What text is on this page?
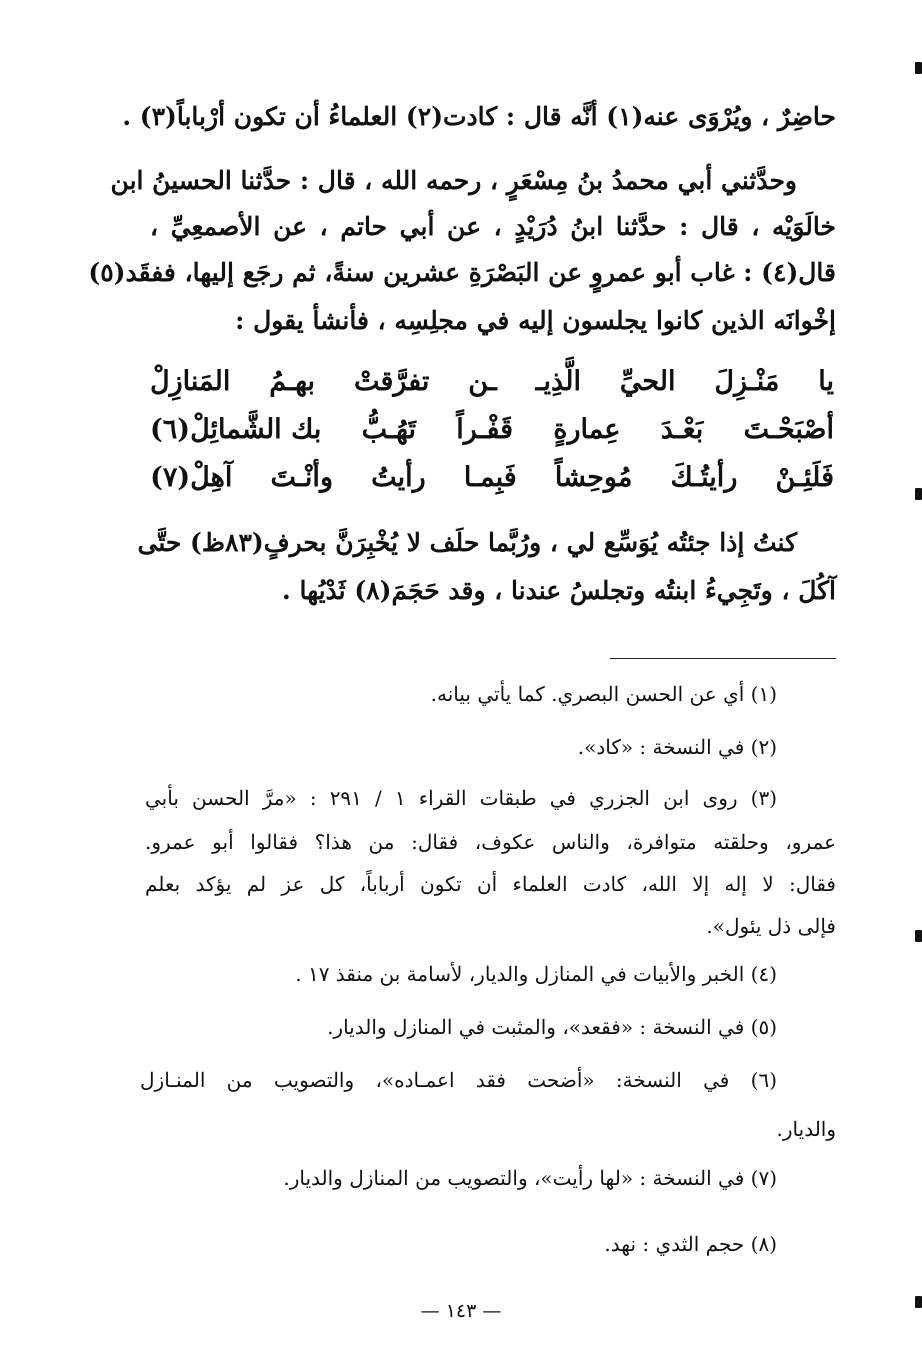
حاضِرٌ ، ويُرْوَى عنه(١) أنَّه قال : كادت(٢) العلماءُ أن تكون أرْباباً(٣) .
وحدَّثني أبي محمدُ بنُ مِسْعَرٍ ، رحمه الله ، قال : حدَّثنا الحسينُ ابن
خالَوَيْه ، قال : حدَّثنا ابنُ دُرَيْدٍ ، عن أبي حاتم ، عن الأصمعِيِّ ،
قال(٤) : غاب أبو عمروٍ عن البَصْرَةِ عشرين سنةً، ثم رجَع إليها، ففقَد(٥)
إخْوانَه الذين كانوا يجلسون إليه في مجلِسِه ، فأنشأ يقول :
يا
مَنْـزِلَ
الحيِّ
الَّذِيـ
ـن
تفرَّقتْ
بهـمُ
المَنازِلْ
أصْبَحْـتَ
بَعْـدَ
عِمارةٍ
قَفْـراً
تَهُـبُّ
بك الشَّمائِلْ(٦)
فَلَئِـنْ
رأيتُـكَ
مُوحِشاً
فَبِمـا
رأيتُ
وأنْـتَ
آهِلْ(٧)
كنتُ إذا جئتُه يُوَسِّع لي ، ورُبَّما حلَف لا يُخْبِرَنَّ بحرفٍ(٨٣ظ) حتَّى
آكُلَ ، وتَجِيءُ ابنتُه وتجلسُ عندنا ، وقد حَجَمَ(٨) ثَدْيُها .
(١) أي عن الحسن البصري. كما يأتي بيانه.
(٢) في النسخة : «كاد».
(٣) روى ابن الجزري في طبقات القراء ١ / ٢٩١ : «مرَّ الحسن بأبي
عمرو، وحلقته متوافرة، والناس عكوف، فقال: من هذا؟ فقالوا أبو عمرو.
فقال: لا إله إلا الله، كادت العلماء أن تكون أرباباً، كل عز لم يؤكد بعلم
فإلى ذل يئول».
(٤) الخبر والأبيات في المنازل والديار، لأسامة بن منقذ ١٧ .
(٥) في النسخة : «فقعد»، والمثبت في المنازل والديار.
(٦) في النسخة: «أضحت فقد اعمـاده»، والتصويب من المنـازل
والديار.
(٧) في النسخة : «لها رأيت»، والتصويب من المنازل والديار.
(٨) حجم الثدي : نهد.
— ١٤٣ —
